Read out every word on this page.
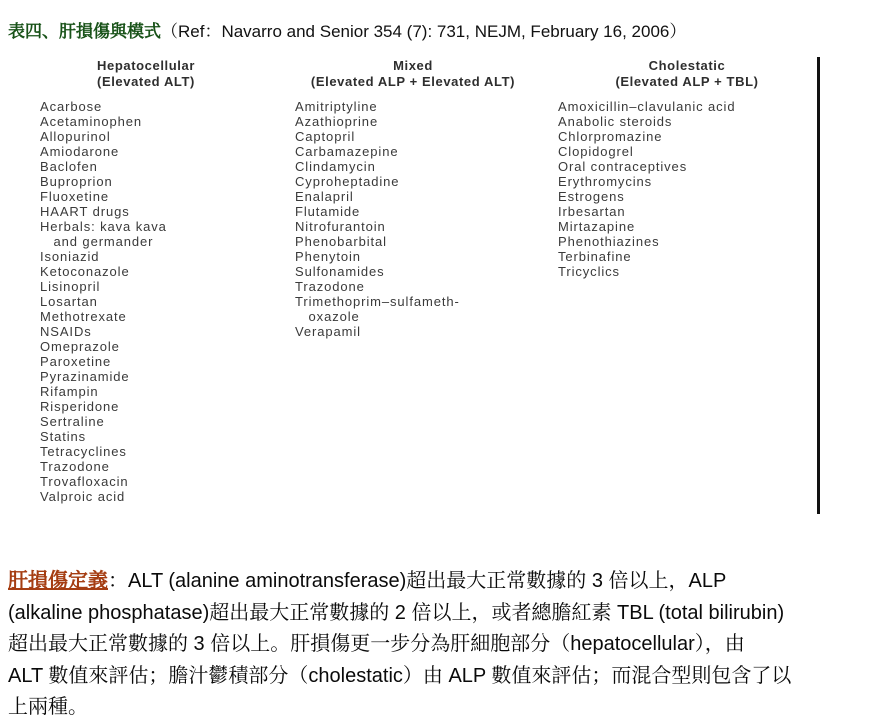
表四、肝損傷與模式（Ref：Navarro and Senior 354 (7): 731, NEJM, February 16, 2006）
Hepatocellular
(Elevated ALT)
Acarbose
Acetaminophen
Allopurinol
Amiodarone
Baclofen
Buproprion
Fluoxetine
HAART drugs
Herbals: kava kava
and germander
Isoniazid
Ketoconazole
Lisinopril
Losartan
Methotrexate
NSAIDs
Omeprazole
Paroxetine
Pyrazinamide
Rifampin
Risperidone
Sertraline
Statins
Tetracyclines
Trazodone
Trovafloxacin
Valproic acid
Mixed
(Elevated ALP + Elevated ALT)
Amitriptyline
Azathioprine
Captopril
Carbamazepine
Clindamycin
Cyproheptadine
Enalapril
Flutamide
Nitrofurantoin
Phenobarbital
Phenytoin
Sulfonamides
Trazodone
Trimethoprim–sulfameth-
oxazole
Verapamil
Cholestatic
(Elevated ALP + TBL)
Amoxicillin–clavulanic acid
Anabolic steroids
Chlorpromazine
Clopidogrel
Oral contraceptives
Erythromycins
Estrogens
Irbesartan
Mirtazapine
Phenothiazines
Terbinafine
Tricyclics
肝損傷定義：ALT (alanine aminotransferase)超出最大正常數據的 3 倍以上，ALP
(alkaline phosphatase)超出最大正常數據的 2 倍以上，或者總膽紅素 TBL (total bilirubin)
超出最大正常數據的 3 倍以上。肝損傷更一步分為肝細胞部分（hepatocellular），由
ALT 數值來評估；膽汁鬱積部分（cholestatic）由 ALP 數值來評估；而混合型則包含了以
上兩種。
